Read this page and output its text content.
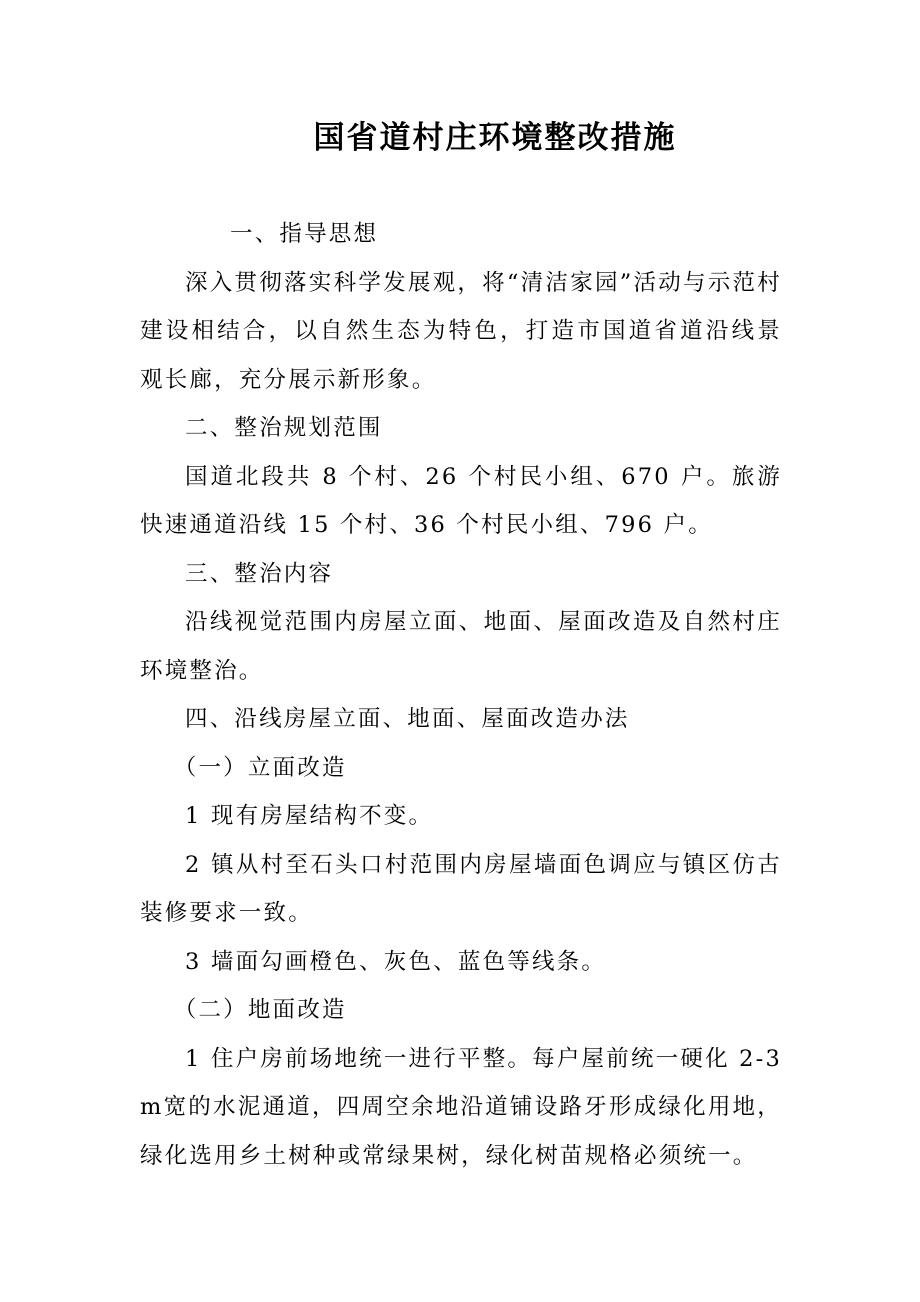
国省道村庄环境整改措施

一、指导思想

深入贯彻落实科学发展观，将“清洁家园”活动与示范村建设相结合，以自然生态为特色，打造市国道省道沿线景观长廊，充分展示新形象。

二、整治规划范围

国道北段共 8 个村、26 个村民小组、670 户。旅游快速通道沿线 15 个村、36 个村民小组、796 户。

三、整治内容

沿线视觉范围内房屋立面、地面、屋面改造及自然村庄环境整治。

四、沿线房屋立面、地面、屋面改造办法

（一）立面改造

1 现有房屋结构不变。

2 镇从村至石头口村范围内房屋墙面色调应与镇区仿古装修要求一致。

3 墙面勾画橙色、灰色、蓝色等线条。

（二）地面改造

1 住户房前场地统一进行平整。每户屋前统一硬化 2-3m宽的水泥通道，四周空余地沿道铺设路牙形成绿化用地，绿化选用乡土树种或常绿果树，绿化树苗规格必须统一。
